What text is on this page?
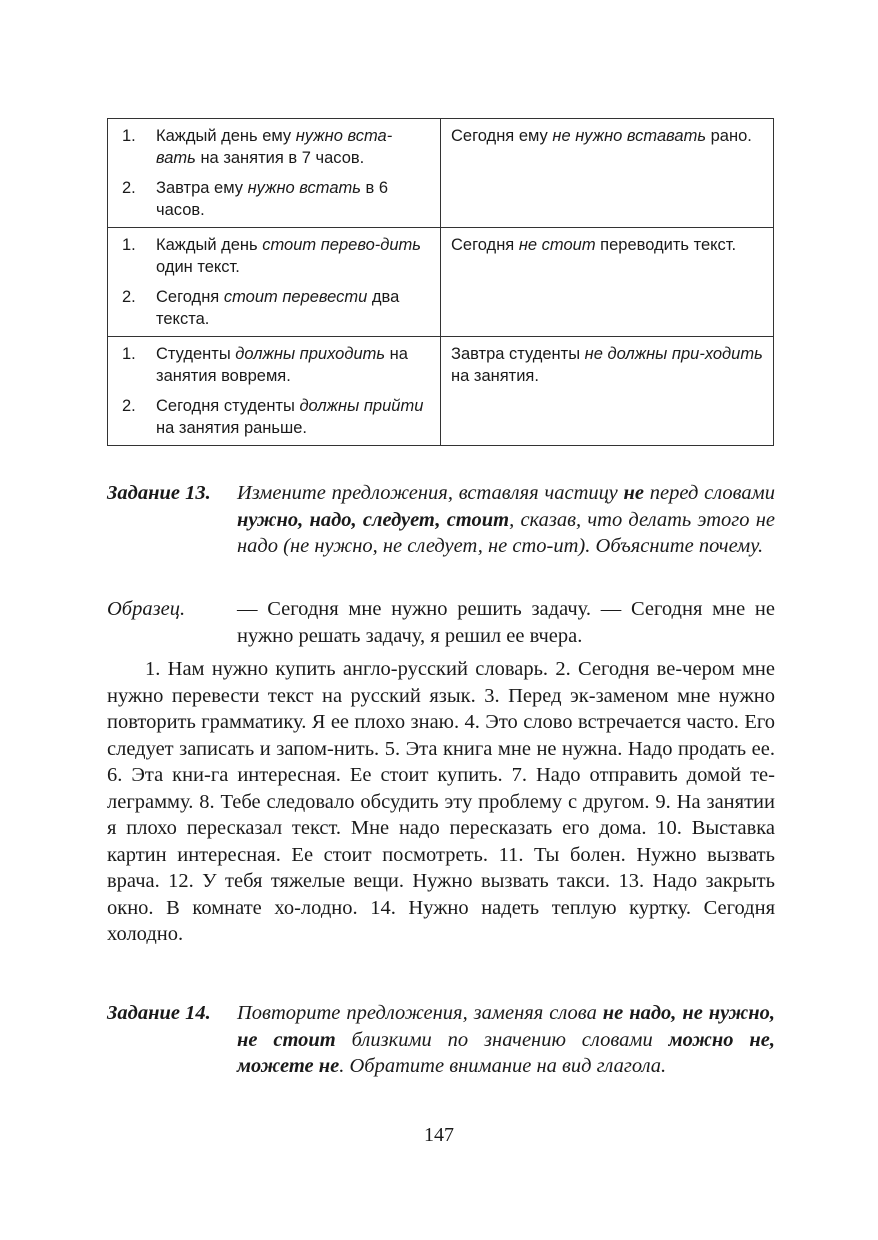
1. Каждый день ему нужно вста-вать на занятия в 7 часов.
2. Завтра ему нужно встать в 6 часов.	Сегодня ему не нужно вставать рано.

1. Каждый день стоит перево-дить один текст.
2. Сегодня стоит перевести два текста.	Сегодня не стоит переводить текст.

1. Студенты должны приходить на занятия вовремя.
2. Сегодня студенты должны прийти на занятия раньше.	Завтра студенты не должны при-ходить на занятия.
Задание 13.	Измените предложения, вставляя частицу не перед словами нужно, надо, следует, стоит, сказав, что делать этого не надо (не нужно, не следует, не сто-ит). Объясните почему.
Образец.	— Сегодня мне нужно решить задачу. — Сегодня мне не нужно решать задачу, я решил ее вчера.
1. Нам нужно купить англо-русский словарь. 2. Сегодня ве-чером мне нужно перевести текст на русский язык. 3. Перед эк-заменом мне нужно повторить грамматику. Я ее плохо знаю. 4. Это слово встречается часто. Его следует записать и запом-нить. 5. Эта книга мне не нужна. Надо продать ее. 6. Эта кни-га интересная. Ее стоит купить. 7. Надо отправить домой те-леграмму. 8. Тебе следовало обсудить эту проблему с другом. 9. На занятии я плохо пересказал текст. Мне надо пересказать его дома. 10. Выставка картин интересная. Ее стоит посмотреть. 11. Ты болен. Нужно вызвать врача. 12. У тебя тяжелые вещи. Нужно вызвать такси. 13. Надо закрыть окно. В комнате хо-лодно. 14. Нужно надеть теплую куртку. Сегодня холодно.
Задание 14.	Повторите предложения, заменяя слова не надо, не нужно, не стоит близкими по значению словами можно не, можете не. Обратите внимание на вид глагола.
147
